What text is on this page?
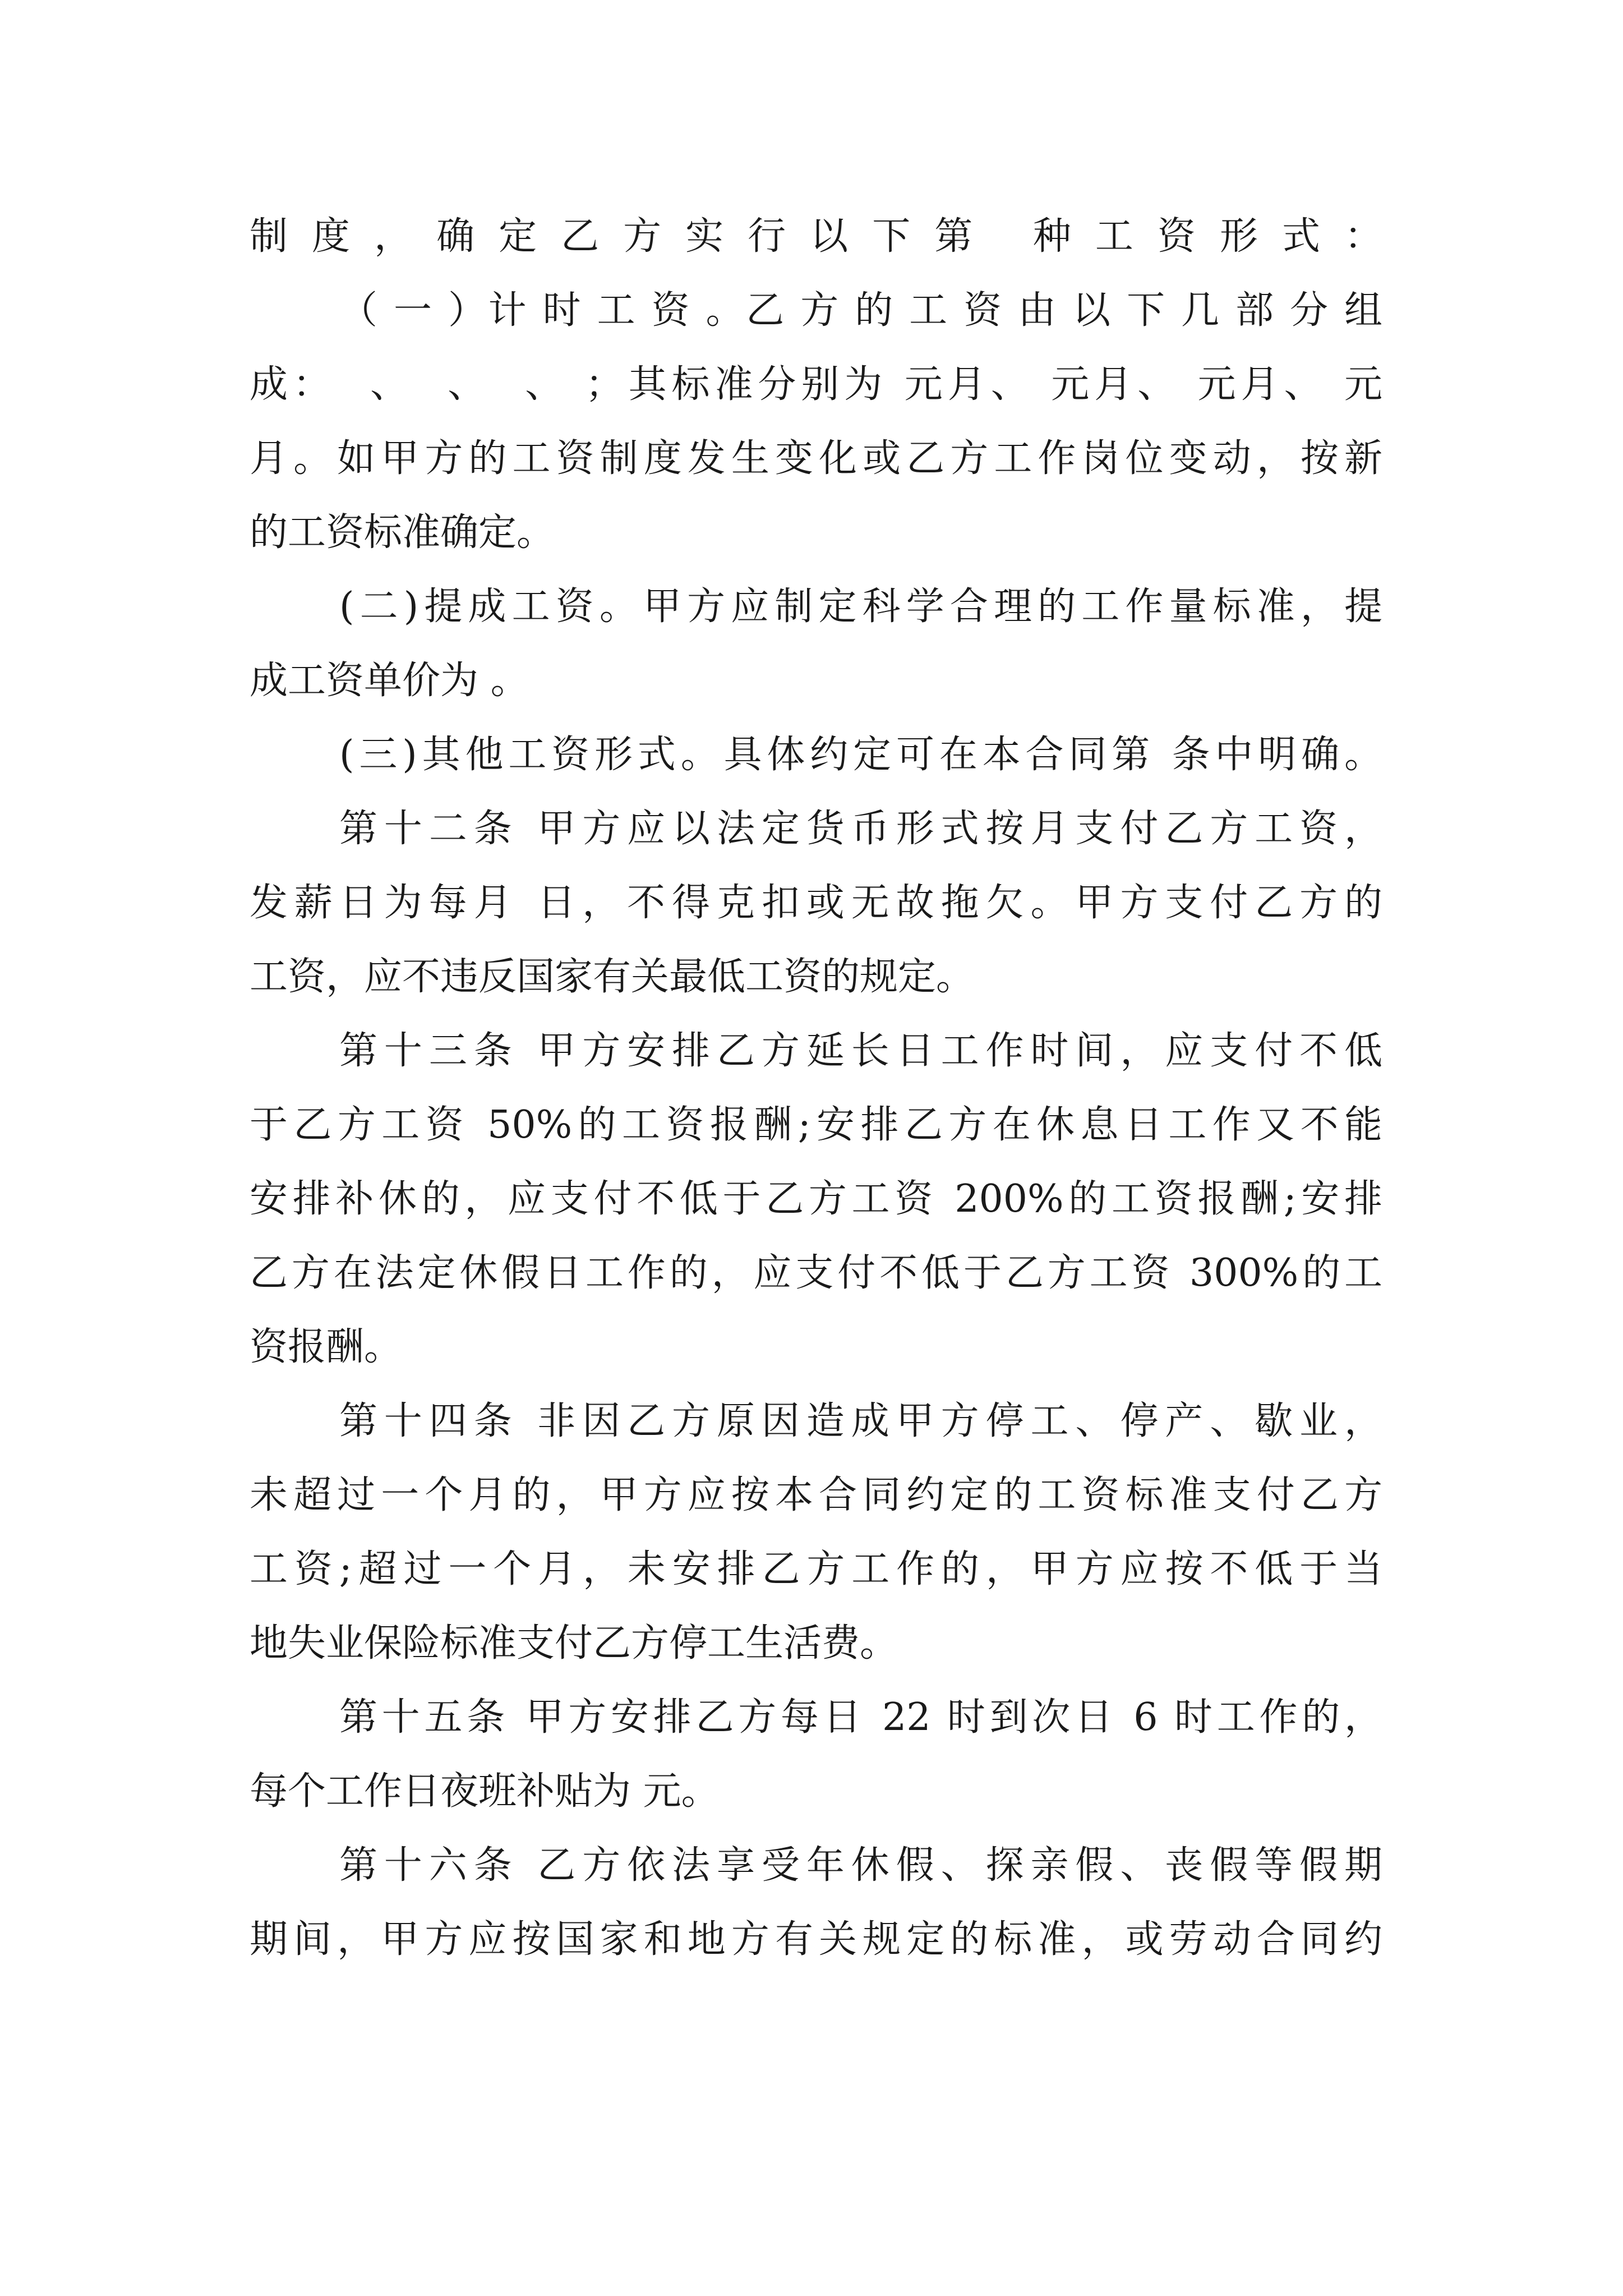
制度，确定乙方实行以下第 种工资形式：
（ 一 ）计 时 工 资 。乙 方 的 工 资 由 以 下 几 部 分 组
成：  、  、  、 ；其标准分别为 元月、 元月、 元月、 元
月。如甲方的工资制度发生变化或乙方工作岗位变动，按新
的工资标准确定。
(二)提成工资。甲方应制定科学合理的工作量标准，提
成工资单价为 。
(三)其他工资形式。具体约定可在本合同第 条中明确。
第十二条 甲方应以法定货币形式按月支付乙方工资，
发薪日为每月 日，不得克扣或无故拖欠。甲方支付乙方的
工资，应不违反国家有关最低工资的规定。
第十三条 甲方安排乙方延长日工作时间，应支付不低
于乙方工资 50%的工资报酬;安排乙方在休息日工作又不能
安排补休的，应支付不低于乙方工资 200%的工资报酬;安排
乙方在法定休假日工作的，应支付不低于乙方工资 300%的工
资报酬。
第十四条 非因乙方原因造成甲方停工、停产、歇业，
未超过一个月的，甲方应按本合同约定的工资标准支付乙方
工资;超过一个月，未安排乙方工作的，甲方应按不低于当
地失业保险标准支付乙方停工生活费。
第十五条 甲方安排乙方每日 22 时到次日 6 时工作的，
每个工作日夜班补贴为 元。
第十六条 乙方依法享受年休假、探亲假、丧假等假期
期间，甲方应按国家和地方有关规定的标准，或劳动合同约
